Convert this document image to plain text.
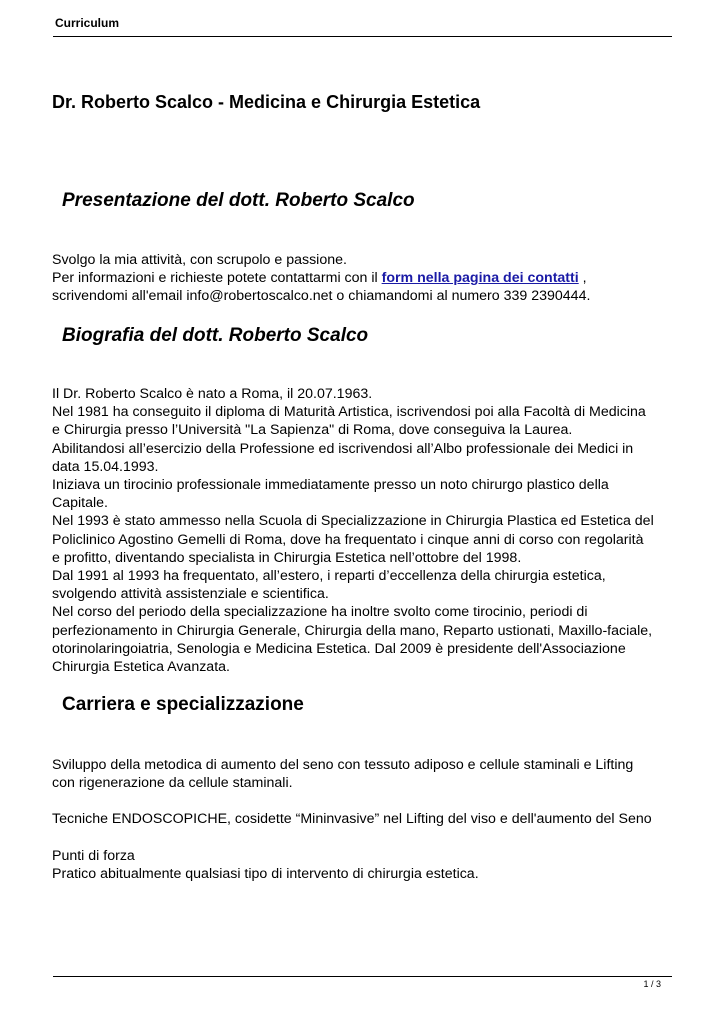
Curriculum
Dr. Roberto Scalco - Medicina e Chirurgia Estetica
Presentazione del dott. Roberto Scalco
Svolgo la mia attività, con scrupolo e passione.
Per informazioni e richieste potete contattarmi con il form nella pagina dei contatti ,
scrivendomi all'email info@robertoscalco.net o chiamandomi al numero 339 2390444.
Biografia del dott. Roberto Scalco
Il Dr. Roberto Scalco è nato a Roma, il 20.07.1963.
Nel 1981 ha conseguito il diploma di Maturità Artistica, iscrivendosi poi alla Facoltà di Medicina
e Chirurgia presso l’Università "La Sapienza" di Roma, dove conseguiva la Laurea.
Abilitandosi all’esercizio della Professione ed iscrivendosi all’Albo professionale dei Medici in
data 15.04.1993.
Iniziava un tirocinio professionale immediatamente presso un noto chirurgo plastico della
Capitale.
Nel 1993 è stato ammesso nella Scuola di Specializzazione in Chirurgia Plastica ed Estetica del
Policlinico Agostino Gemelli di Roma, dove ha frequentato i cinque anni di corso con regolarità
e profitto, diventando specialista in Chirurgia Estetica nell’ottobre del 1998.
Dal 1991 al 1993 ha frequentato, all’estero, i reparti d’eccellenza della chirurgia estetica,
svolgendo attività assistenziale e scientifica.
Nel corso del periodo della specializzazione ha inoltre svolto come tirocinio, periodi di
perfezionamento in Chirurgia Generale, Chirurgia della mano, Reparto ustionati, Maxillo-faciale,
otorinolaringoiatria, Senologia e Medicina Estetica. Dal 2009 è presidente dell'Associazione
Chirurgia Estetica Avanzata.
Carriera e specializzazione
Sviluppo della metodica di aumento del seno con tessuto adiposo e cellule staminali e Lifting
con rigenerazione da cellule staminali.
Tecniche ENDOSCOPICHE, cosidette “Mininvasive” nel Lifting del viso e dell'aumento del Seno
Punti di forza
Pratico abitualmente qualsiasi tipo di intervento di chirurgia estetica.
1 / 3
